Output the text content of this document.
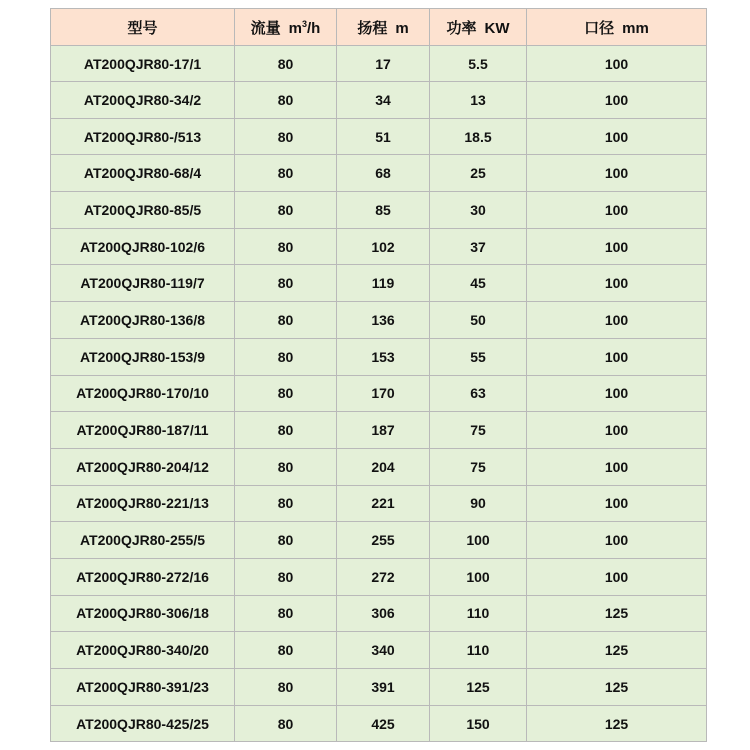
型号	流量 $m^3/h$	扬程 m	功率 KW	口径 mm
AT200QJR80-17/1	80	17	5.5	100
AT200QJR80-34/2	80	34	13	100
AT200QJR80-/513	80	51	18.5	100
AT200QJR80-68/4	80	68	25	100
AT200QJR80-85/5	80	85	30	100
AT200QJR80-102/6	80	102	37	100
AT200QJR80-119/7	80	119	45	100
AT200QJR80-136/8	80	136	50	100
AT200QJR80-153/9	80	153	55	100
AT200QJR80-170/10	80	170	63	100
AT200QJR80-187/11	80	187	75	100
AT200QJR80-204/12	80	204	75	100
AT200QJR80-221/13	80	221	90	100
AT200QJR80-255/5	80	255	100	100
AT200QJR80-272/16	80	272	100	100
AT200QJR80-306/18	80	306	110	125
AT200QJR80-340/20	80	340	110	125
AT200QJR80-391/23	80	391	125	125
AT200QJR80-425/25	80	425	150	125
